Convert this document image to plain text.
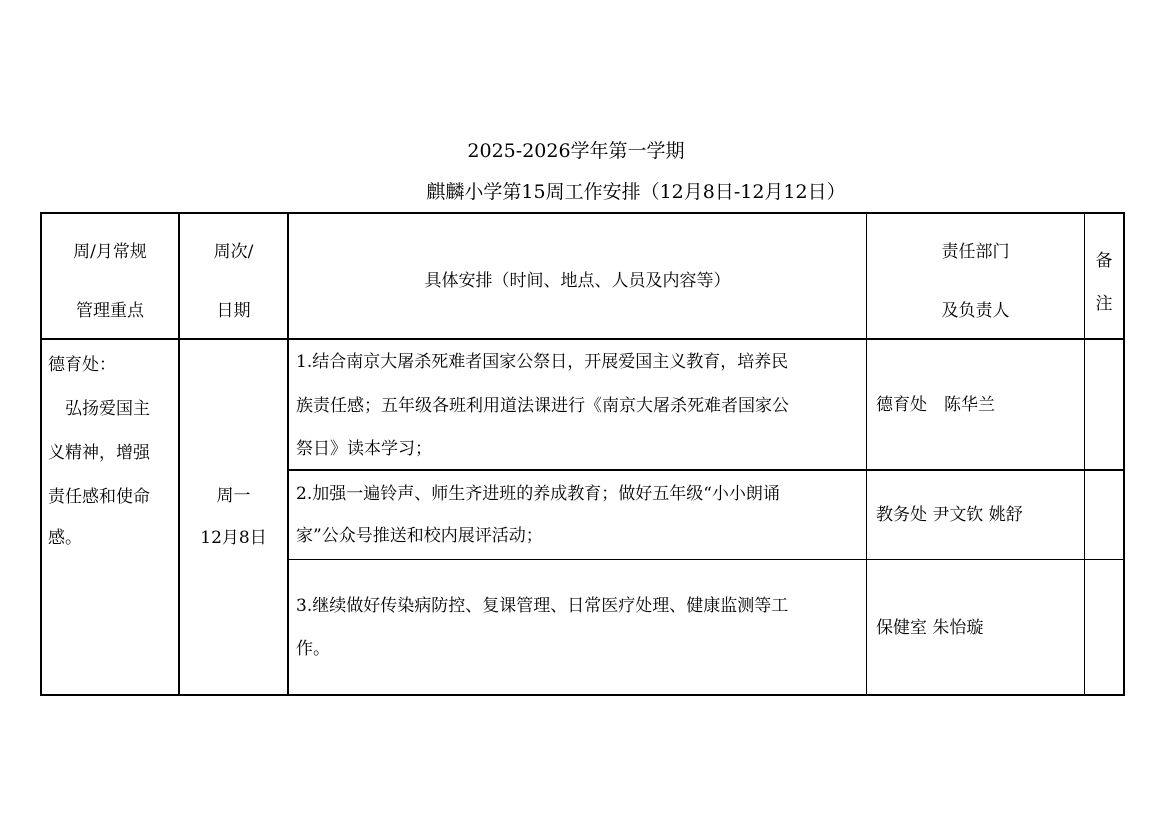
2025-2026学年第一学期
麒麟小学第15周工作安排（12月8日-12月12日）
周/月常规
管理重点
周次/
日期
具体安排（时间、地点、人员及内容等）
责任部门
及负责人
备
注
德育处：
　弘扬爱国主
义精神，增强
责任感和使命
感。
周一
12月8日
1.结合南京大屠杀死难者国家公祭日，开展爱国主义教育，培养民
族责任感；五年级各班利用道法课进行《南京大屠杀死难者国家公
祭日》读本学习；
德育处　陈华兰
2.加强一遍铃声、师生齐进班的养成教育；做好五年级“小小朗诵
家”公众号推送和校内展评活动；
教务处 尹文钦 姚舒
3.继续做好传染病防控、复课管理、日常医疗处理、健康监测等工
作。
保健室 朱怡璇
